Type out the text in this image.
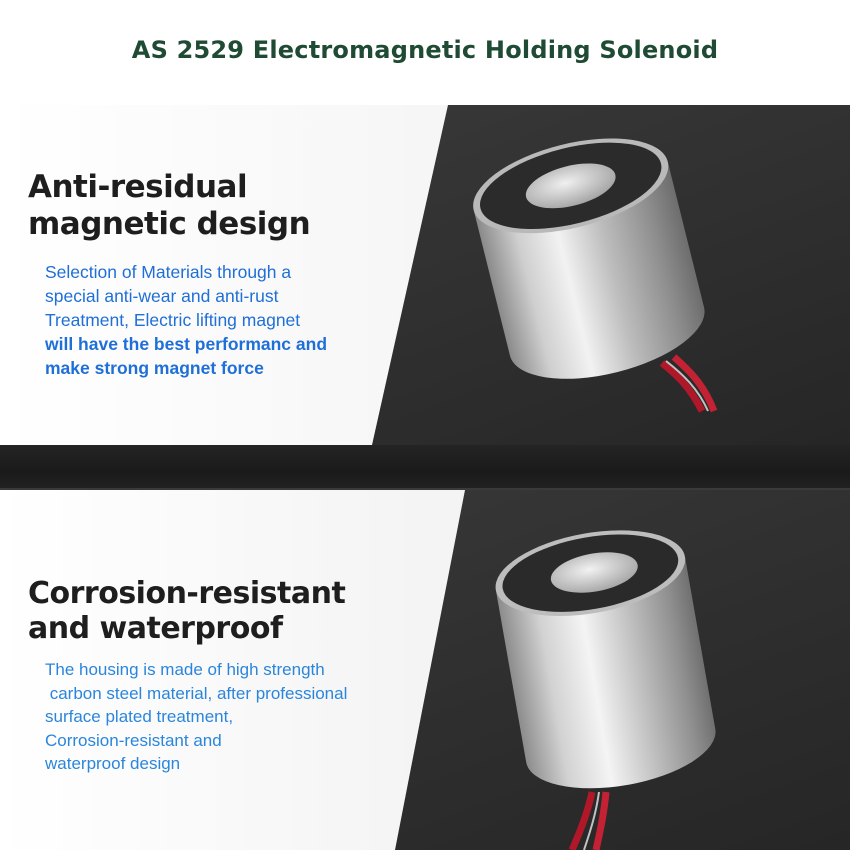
AS 2529 Electromagnetic Holding Solenoid
Anti-residual
magnetic design

Selection of Materials through a
special anti-wear and anti-rust
Treatment, Electric lifting magnet
will have the best performanc and
make strong magnet force

Corrosion-resistant
and waterproof

The housing is made of high strength
carbon steel material, after professional
surface plated treatment,
Corrosion-resistant and
waterproof design
